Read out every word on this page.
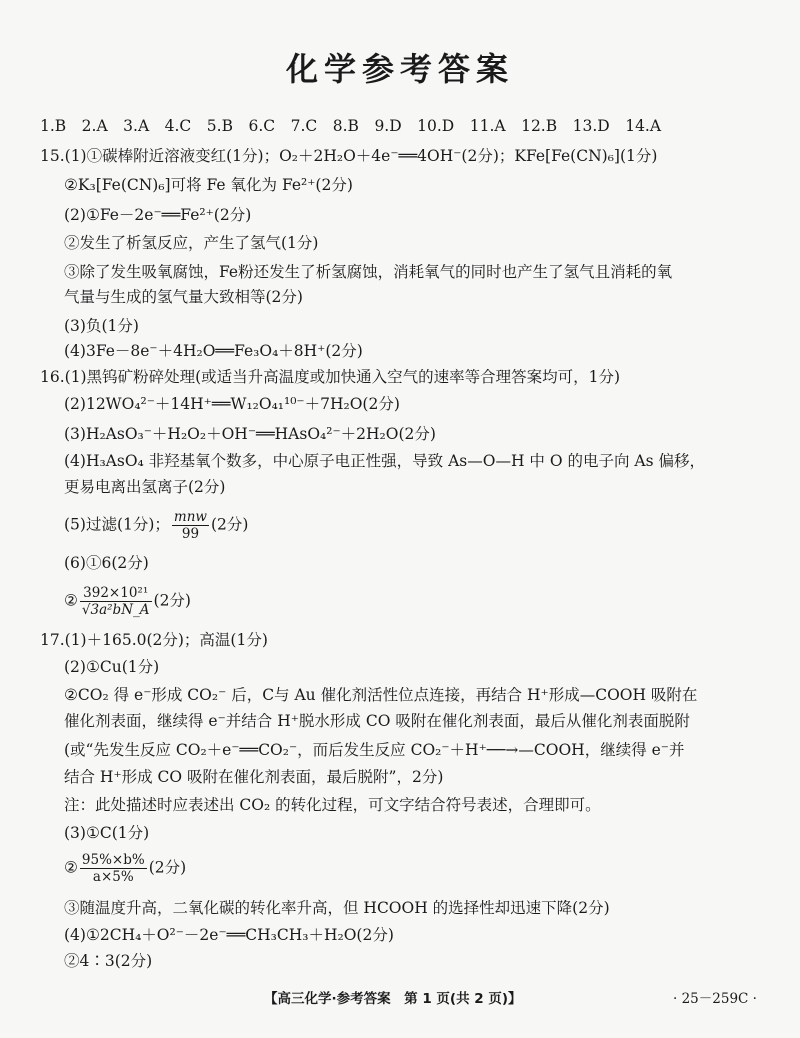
化学参考答案
1.B　2.A　3.A　4.C　5.B　6.C　7.C　8.B　9.D　10.D　11.A　12.B　13.D　14.A
15.(1)①碳棒附近溶液变红(1分)；O₂＋2H₂O＋4e⁻══4OH⁻(2分)；KFe[Fe(CN)₆](1分)
②K₃[Fe(CN)₆]可将 Fe 氧化为 Fe²⁺(2分)
(2)①Fe－2e⁻══Fe²⁺(2分)
②发生了析氢反应，产生了氢气(1分)
③除了发生吸氧腐蚀，Fe粉还发生了析氢腐蚀，消耗氧气的同时也产生了氢气且消耗的氧
气量与生成的氢气量大致相等(2分)
(3)负(1分)
(4)3Fe－8e⁻＋4H₂O══Fe₃O₄＋8H⁺(2分)
16.(1)黑钨矿粉碎处理(或适当升高温度或加快通入空气的速率等合理答案均可，1分)
(2)12WO₄²⁻＋14H⁺══W₁₂O₄₁¹⁰⁻＋7H₂O(2分)
(3)H₂AsO₃⁻＋H₂O₂＋OH⁻══HAsO₄²⁻＋2H₂O(2分)
(4)H₃AsO₄ 非羟基氧个数多，中心原子电正性强，导致 As—O—H 中 O 的电子向 As 偏移，
更易电离出氢离子(2分)
(5)过滤(1分)； $\frac{\text{mnw}}{99} (2$分)
(6)①6(2分)
② $\frac{\text{392×10²¹}}{\text{√3a²bN\_A}} (2$分)
17.(1)＋165.0(2分)；高温(1分)
(2)①Cu(1分)
②CO₂ 得 e⁻形成 CO₂⁻ 后，C与 Au 催化剂活性位点连接，再结合 H⁺形成—COOH 吸附在
催化剂表面，继续得 e⁻并结合 H⁺脱水形成 CO 吸附在催化剂表面，最后从催化剂表面脱附
(或“先发生反应 CO₂＋e⁻══CO₂⁻，而后发生反应 CO₂⁻＋H⁺──→—COOH，继续得 e⁻并
结合 H⁺形成 CO 吸附在催化剂表面，最后脱附”，2分)
注：此处描述时应表述出 CO₂ 的转化过程，可文字结合符号表述，合理即可。
(3)①C(1分)
② $\frac{95\%\times b\%}{a\times 5\%} (2$分)
③随温度升高，二氧化碳的转化率升高，但 HCOOH 的选择性却迅速下降(2分)
(4)①2CH₄＋O²⁻－2e⁻══CH₃CH₃＋H₂O(2分)
②4∶3(2分)
【高三化学·参考答案　第 1 页(共 2 页)】	· 25－259C ·
